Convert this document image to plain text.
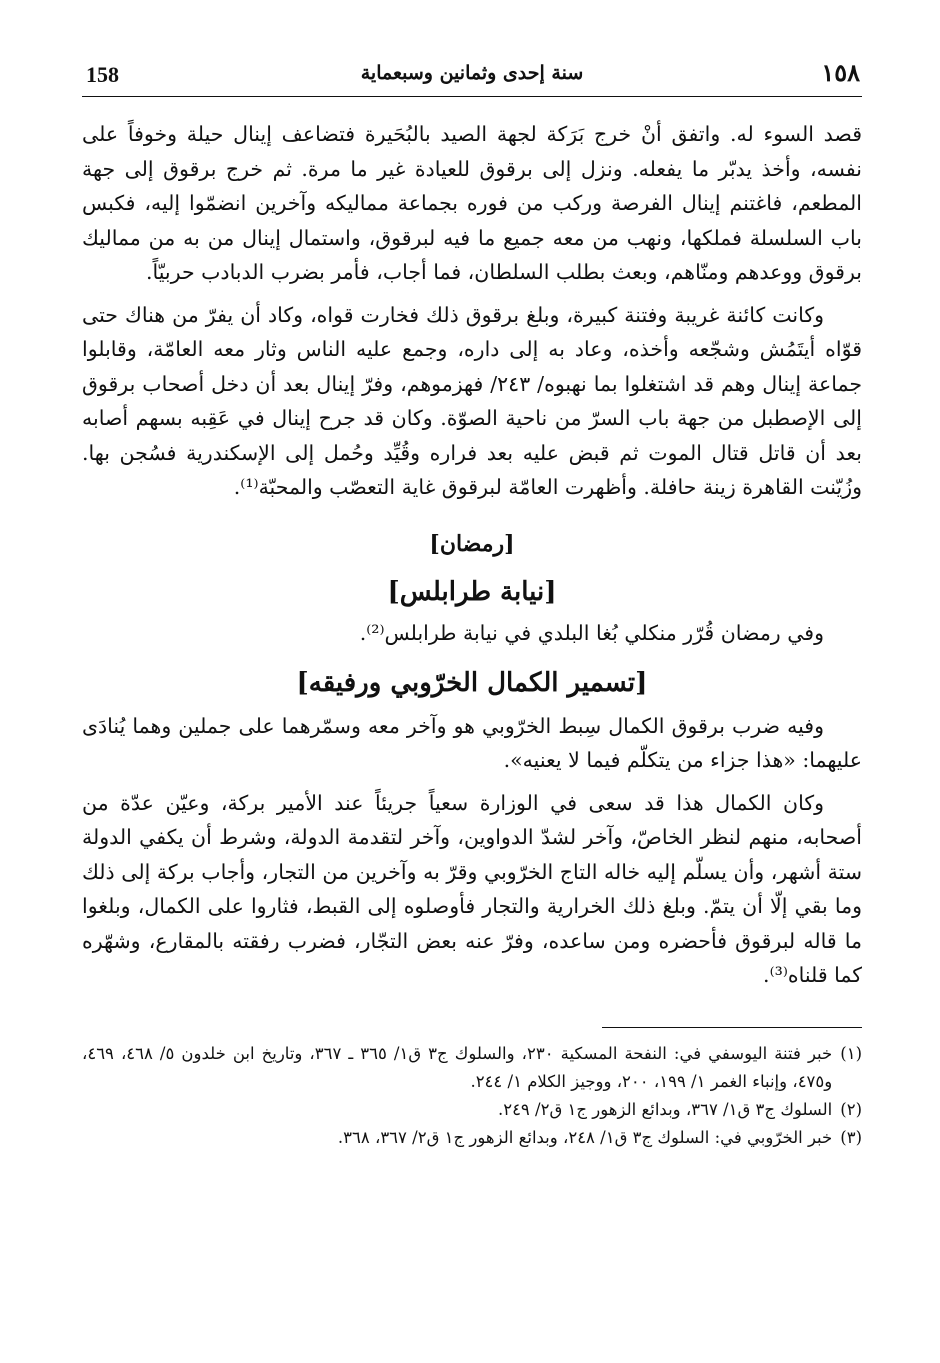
158	سنة إحدى وثمانين وسبعماية	١٥٨

قصد السوء له. واتفق أنْ خرج بَرَكة لجهة الصيد بالبُحَيرة فتضاعف إينال حيلة وخوفاً على نفسه، وأخذ يدبّر ما يفعله. ونزل إلى برقوق للعيادة غير ما مرة. ثم خرج برقوق إلى جهة المطعم، فاغتنم إينال الفرصة وركب من فوره بجماعة مماليكه وآخرين انضمّوا إليه، فكبس باب السلسلة فملكها، ونهب من معه جميع ما فيه لبرقوق، واستمال إينال من به من مماليك برقوق ووعدهم ومنّاهم، وبعث بطلب السلطان، فما أجاب، فأمر بضرب الدبادب حربيّاً.

وكانت كائنة غريبة وفتنة كبيرة، وبلغ برقوق ذلك فخارت قواه، وكاد أن يفرّ من هناك حتى قوّاه أيتَمُش وشجّعه وأخذه، وعاد به إلى داره، وجمع عليه الناس وثار معه العامّة، وقابلوا جماعة إينال وهم قد اشتغلوا بما نهبوه/ ٢٤٣/ فهزموهم، وفرّ إينال بعد أن دخل أصحاب برقوق إلى الإصطبل من جهة باب السرّ من ناحية الصوّة. وكان قد جرح إينال في عَقِبه بسهم أصابه بعد أن قاتل قتال الموت ثم قبض عليه بعد فراره وقُيِّد وحُمل إلى الإسكندرية فسُجن بها. وزُيّنت القاهرة زينة حافلة. وأظهرت العامّة لبرقوق غاية التعصّب والمحبّة⁽¹⁾.

[رمضان]
[نيابة طرابلس]

وفي رمضان قُرّر منكلي بُغا البلدي في نيابة طرابلس⁽²⁾.

[تسمير الكمال الخرّوبي ورفيقه]

وفيه ضرب برقوق الكمال سِبط الخرّوبي هو وآخر معه وسمّرهما على جملين وهما يُنادَى عليهما: «هذا جزاء من يتكلّم فيما لا يعنيه».

وكان الكمال هذا قد سعى في الوزارة سعياً جريئاً عند الأمير بركة، وعيّن عدّة من أصحابه، منهم لنظر الخاصّ، وآخر لشدّ الدواوين، وآخر لتقدمة الدولة، وشرط أن يكفي الدولة ستة أشهر، وأن يسلّم إليه خاله التاج الخرّوبي وقرّ به وآخرين من التجار، وأجاب بركة إلى ذلك وما بقي إلّا أن يتمّ. وبلغ ذلك الخرارية والتجار فأوصلوه إلى القبط، فثاروا على الكمال، وبلغوا ما قاله لبرقوق فأحضره ومن ساعده، وفرّ عنه بعض التجّار، فضرب رفقته بالمقارع، وشهّره كما قلناه⁽³⁾.

(١)
خبر فتنة اليوسفي في: النفحة المسكية ٢٣٠، والسلوك ج٣ ق١/ ٣٦٥ ـ ٣٦٧، وتاريخ ابن خلدون ٥/ ٤٦٨، ٤٦٩، و٤٧٥، وإنباء الغمر ١/ ١٩٩، ٢٠٠، ووجيز الكلام ١/ ٢٤٤.
(٢)
السلوك ج٣ ق١/ ٣٦٧، وبدائع الزهور ج١ ق٢/ ٢٤٩.
(٣)
خبر الخرّوبي في: السلوك ج٣ ق١/ ٢٤٨، وبدائع الزهور ج١ ق٢/ ٣٦٧، ٣٦٨.
